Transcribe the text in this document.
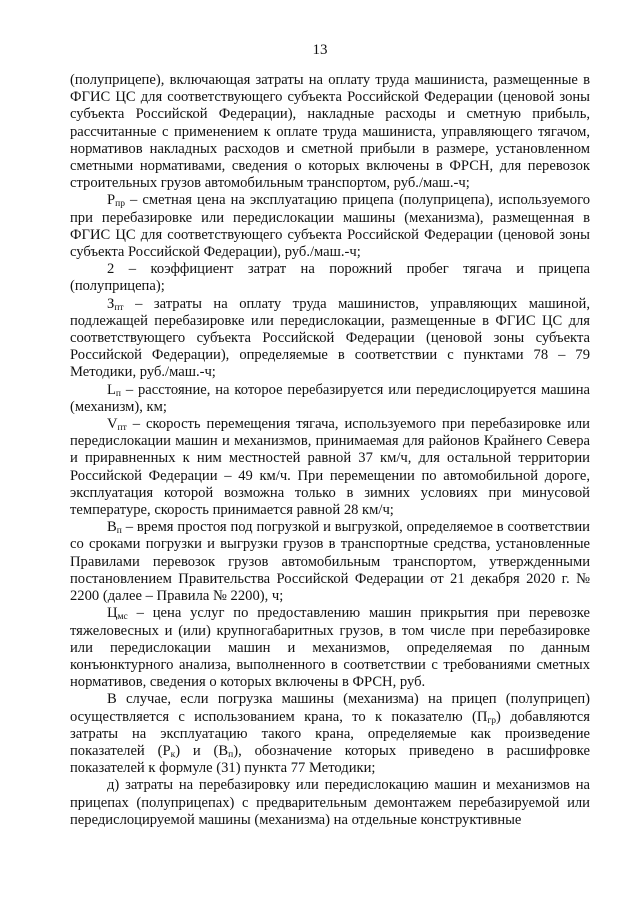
13

(полуприцепе), включающая затраты на оплату труда машиниста, размещенные в ФГИС ЦС для соответствующего субъекта Российской Федерации (ценовой зоны субъекта Российской Федерации), накладные расходы и сметную прибыль, рассчитанные с применением к оплате труда машиниста, управляющего тягачом, нормативов накладных расходов и сметной прибыли в размере, установленном сметными нормативами, сведения о которых включены в ФРСН, для перевозок строительных грузов автомобильным транспортом, руб./маш.-ч;

$Р_{пр}$ – сметная цена на эксплуатацию прицепа (полуприцепа), используемого при перебазировке или передислокации машины (механизма), размещенная в ФГИС ЦС для соответствующего субъекта Российской Федерации (ценовой зоны субъекта Российской Федерации), руб./маш.-ч;

2 – коэффициент затрат на порожний пробег тягача и прицепа (полуприцепа);

$З_{пт}$ – затраты на оплату труда машинистов, управляющих машиной, подлежащей перебазировке или передислокации, размещенные в ФГИС ЦС для соответствующего субъекта Российской Федерации (ценовой зоны субъекта Российской Федерации), определяемые в соответствии с пунктами 78 – 79 Методики, руб./маш.-ч;

$L_п$ – расстояние, на которое перебазируется или передислоцируется машина (механизм), км;

$V_{пт}$ – скорость перемещения тягача, используемого при перебазировке или передислокации машин и механизмов, принимаемая для районов Крайнего Севера и приравненных к ним местностей равной 37 км/ч, для остальной территории Российской Федерации – 49 км/ч. При перемещении по автомобильной дороге, эксплуатация которой возможна только в зимних условиях при минусовой температуре, скорость принимается равной 28 км/ч;

$В_п$ – время простоя под погрузкой и выгрузкой, определяемое в соответствии со сроками погрузки и выгрузки грузов в транспортные средства, установленные Правилами перевозок грузов автомобильным транспортом, утвержденными постановлением Правительства Российской Федерации от 21 декабря 2020 г. № 2200 (далее – Правила № 2200), ч;

$Ц_{мс}$ – цена услуг по предоставлению машин прикрытия при перевозке тяжеловесных и (или) крупногабаритных грузов, в том числе при перебазировке или передислокации машин и механизмов, определяемая по данным конъюнктурного анализа, выполненного в соответствии с требованиями сметных нормативов, сведения о которых включены в ФРСН, руб.

В случае, если погрузка машины (механизма) на прицеп (полуприцеп) осуществляется с использованием крана, то к показателю $(П_{гр})$ добавляются затраты на эксплуатацию такого крана, определяемые как произведение показателей $(Р_к)$ и $(В_п)$, обозначение которых приведено в расшифровке показателей к формуле (31) пункта 77 Методики;

д) затраты на перебазировку или передислокацию машин и механизмов на прицепах (полуприцепах) с предварительным демонтажем перебазируемой или передислоцируемой машины (механизма) на отдельные конструктивные
